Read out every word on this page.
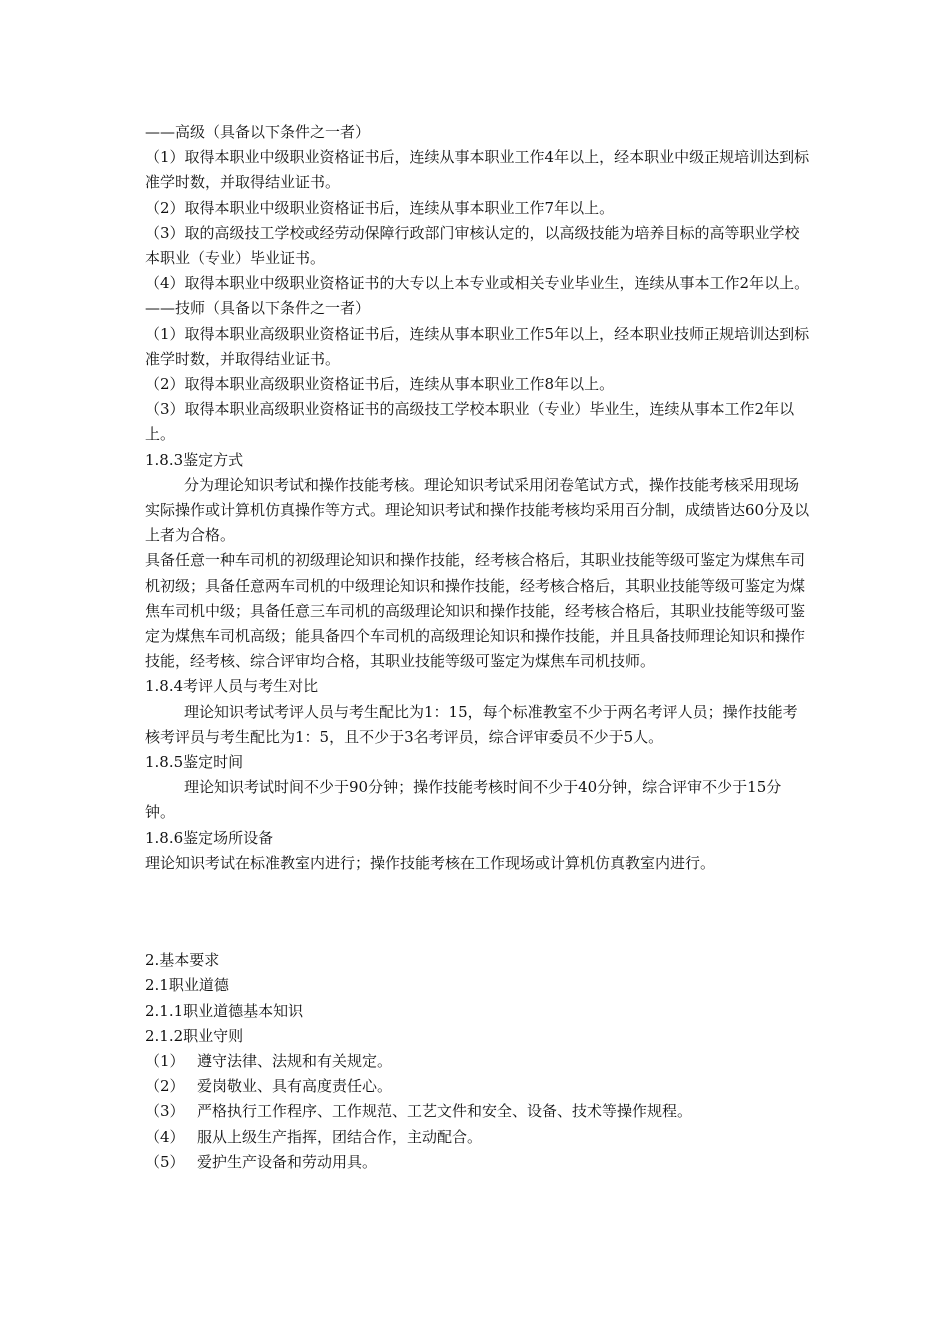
——高级（具备以下条件之一者）

（1）取得本职业中级职业资格证书后，连续从事本职业工作4年以上，经本职业中级正规培训达到标准学时数，并取得结业证书。

（2）取得本职业中级职业资格证书后，连续从事本职业工作7年以上。

（3）取的高级技工学校或经劳动保障行政部门审核认定的，以高级技能为培养目标的高等职业学校本职业（专业）毕业证书。

（4）取得本职业中级职业资格证书的大专以上本专业或相关专业毕业生，连续从事本工作2年以上。

——技师（具备以下条件之一者）

（1）取得本职业高级职业资格证书后，连续从事本职业工作5年以上，经本职业技师正规培训达到标准学时数，并取得结业证书。

（2）取得本职业高级职业资格证书后，连续从事本职业工作8年以上。

（3）取得本职业高级职业资格证书的高级技工学校本职业（专业）毕业生，连续从事本工作2年以上。

1.8.3鉴定方式

分为理论知识考试和操作技能考核。理论知识考试采用闭卷笔试方式，操作技能考核采用现场实际操作或计算机仿真操作等方式。理论知识考试和操作技能考核均采用百分制，成绩皆达60分及以上者为合格。

具备任意一种车司机的初级理论知识和操作技能，经考核合格后，其职业技能等级可鉴定为煤焦车司机初级；具备任意两车司机的中级理论知识和操作技能，经考核合格后，其职业技能等级可鉴定为煤焦车司机中级；具备任意三车司机的高级理论知识和操作技能，经考核合格后，其职业技能等级可鉴定为煤焦车司机高级；能具备四个车司机的高级理论知识和操作技能，并且具备技师理论知识和操作技能，经考核、综合评审均合格，其职业技能等级可鉴定为煤焦车司机技师。

1.8.4考评人员与考生对比

理论知识考试考评人员与考生配比为1：15，每个标准教室不少于两名考评人员；操作技能考核考评员与考生配比为1：5，且不少于3名考评员，综合评审委员不少于5人。

1.8.5鉴定时间

理论知识考试时间不少于90分钟；操作技能考核时间不少于40分钟，综合评审不少于15分钟。

1.8.6鉴定场所设备

理论知识考试在标准教室内进行；操作技能考核在工作现场或计算机仿真教室内进行。

2.基本要求

2.1职业道德

2.1.1职业道德基本知识

2.1.2职业守则

（1） 遵守法律、法规和有关规定。

（2） 爱岗敬业、具有高度责任心。

（3） 严格执行工作程序、工作规范、工艺文件和安全、设备、技术等操作规程。

（4） 服从上级生产指挥，团结合作，主动配合。

（5） 爱护生产设备和劳动用具。
